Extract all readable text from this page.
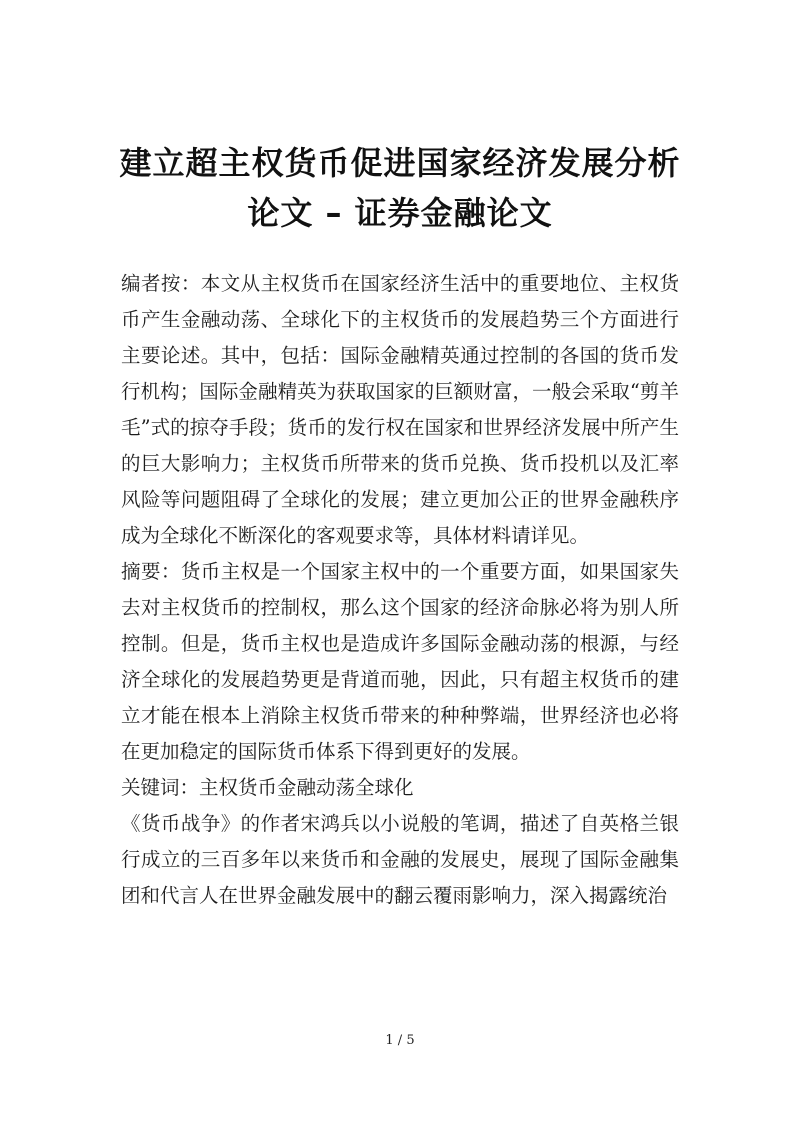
建立超主权货币促进国家经济发展分析
论文 – 证券金融论文

编者按：本文从主权货币在国家经济生活中的重要地位、主权货币产生金融动荡、全球化下的主权货币的发展趋势三个方面进行主要论述。其中，包括：国际金融精英通过控制的各国的货币发行机构；国际金融精英为获取国家的巨额财富，一般会采取“剪羊毛”式的掠夺手段；货币的发行权在国家和世界经济发展中所产生的巨大影响力；主权货币所带来的货币兑换、货币投机以及汇率风险等问题阻碍了全球化的发展；建立更加公正的世界金融秩序成为全球化不断深化的客观要求等，具体材料请详见。

摘要：货币主权是一个国家主权中的一个重要方面，如果国家失去对主权货币的控制权，那么这个国家的经济命脉必将为别人所控制。但是，货币主权也是造成许多国际金融动荡的根源，与经济全球化的发展趋势更是背道而驰，因此，只有超主权货币的建立才能在根本上消除主权货币带来的种种弊端，世界经济也必将在更加稳定的国际货币体系下得到更好的发展。

关键词：主权货币金融动荡全球化

《货币战争》的作者宋鸿兵以小说般的笔调，描述了自英格兰银行成立的三百多年以来货币和金融的发展史，展现了国际金融集团和代言人在世界金融发展中的翻云覆雨影响力，深入揭露统治

1 / 5
